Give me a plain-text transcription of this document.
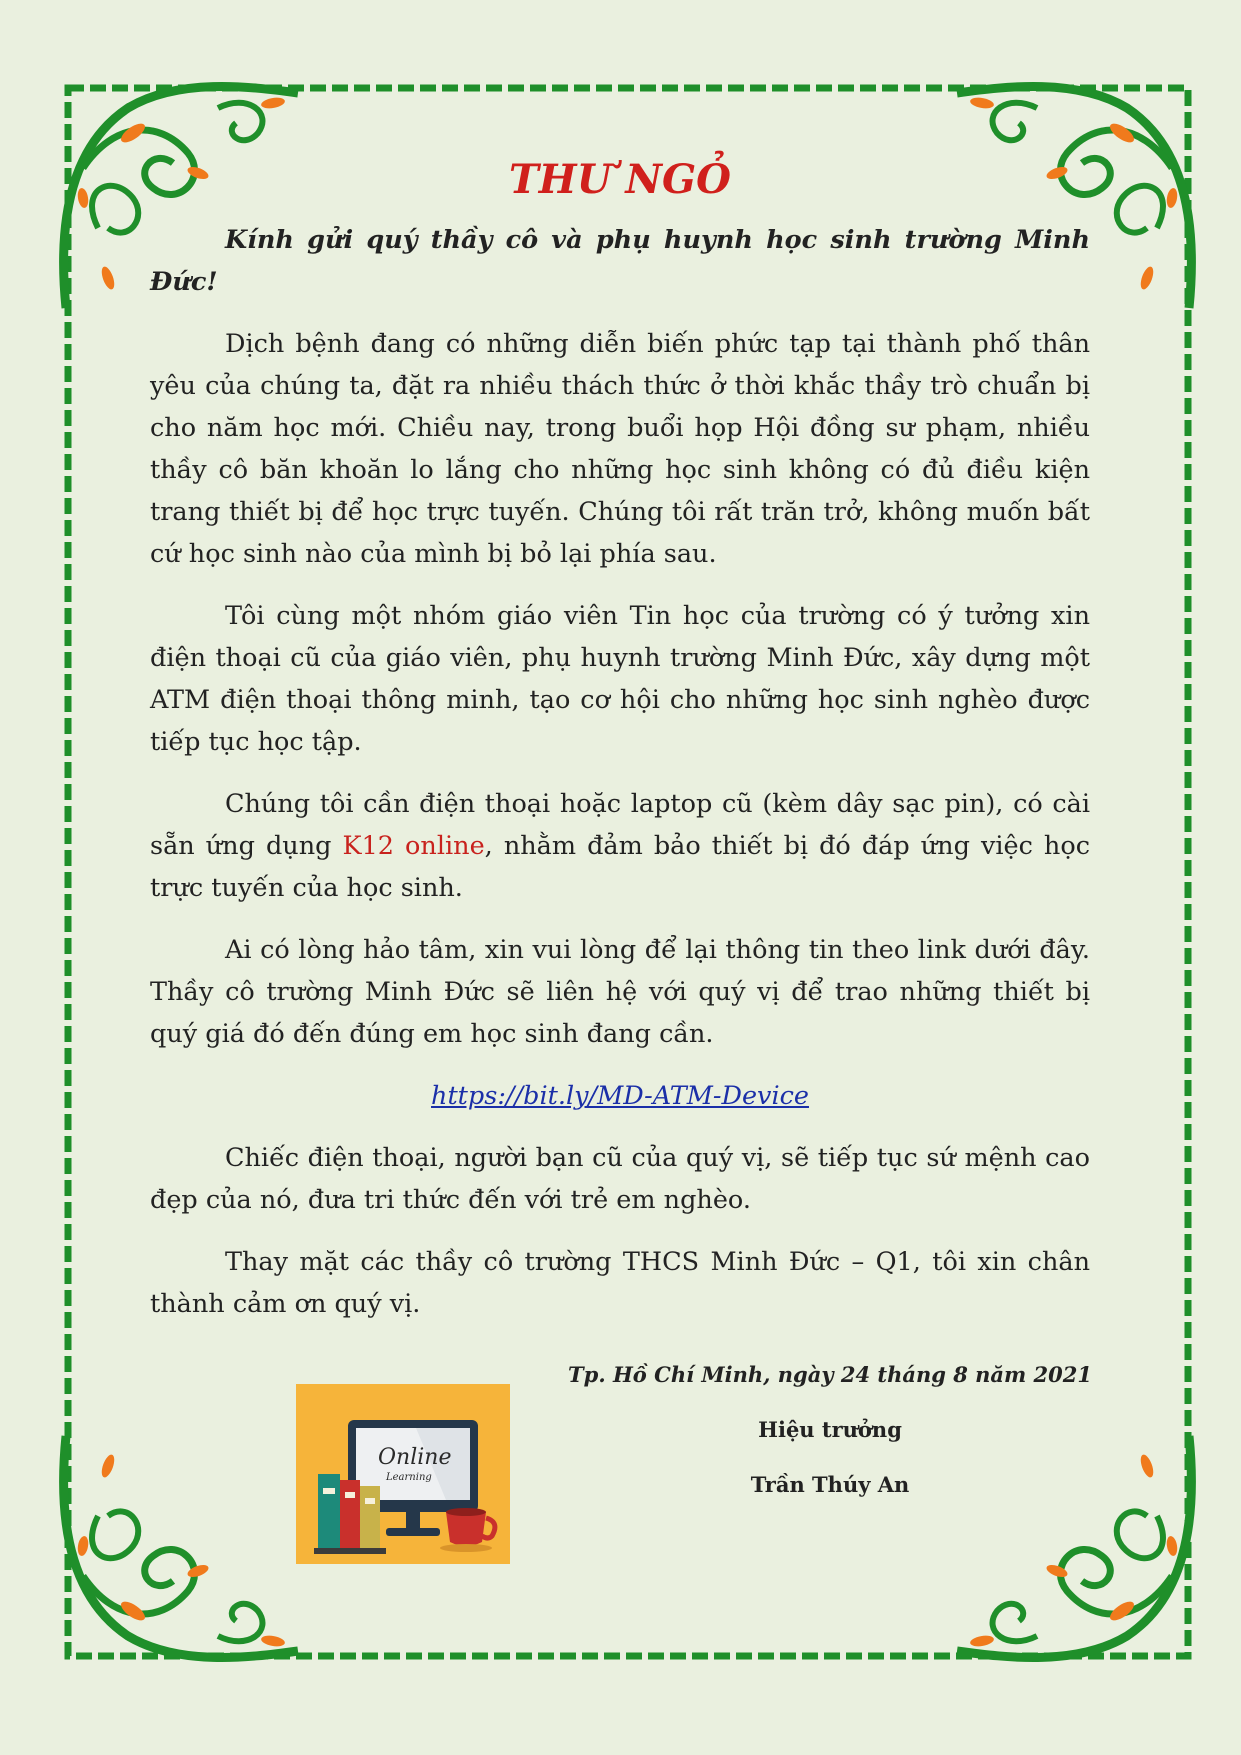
THƯ NGỎ

Kính gửi quý thầy cô và phụ huynh học sinh trường Minh Đức!

Dịch bệnh đang có những diễn biến phức tạp tại thành phố thân yêu của chúng ta, đặt ra nhiều thách thức ở thời khắc thầy trò chuẩn bị cho năm học mới. Chiều nay, trong buổi họp Hội đồng sư phạm, nhiều thầy cô băn khoăn lo lắng cho những học sinh không có đủ điều kiện trang thiết bị để học trực tuyến. Chúng tôi rất trăn trở, không muốn bất cứ học sinh nào của mình bị bỏ lại phía sau.

Tôi cùng một nhóm giáo viên Tin học của trường có ý tưởng xin điện thoại cũ của giáo viên, phụ huynh trường Minh Đức, xây dựng một ATM điện thoại thông minh, tạo cơ hội cho những học sinh nghèo được tiếp tục học tập.

Chúng tôi cần điện thoại hoặc laptop cũ (kèm dây sạc pin), có cài sẵn ứng dụng K12 online, nhằm đảm bảo thiết bị đó đáp ứng việc học trực tuyến của học sinh.

Ai có lòng hảo tâm, xin vui lòng để lại thông tin theo link dưới đây. Thầy cô trường Minh Đức sẽ liên hệ với quý vị để trao những thiết bị quý giá đó đến đúng em học sinh đang cần.

https://bit.ly/MD-ATM-Device

Chiếc điện thoại, người bạn cũ của quý vị, sẽ tiếp tục sứ mệnh cao đẹp của nó, đưa tri thức đến với trẻ em nghèo.

Thay mặt các thầy cô trường THCS Minh Đức – Q1, tôi xin chân thành cảm ơn quý vị.

Online
Learning
Tp. Hồ Chí Minh, ngày 24 tháng 8 năm 2021
Hiệu trưởng
Trần Thúy An
